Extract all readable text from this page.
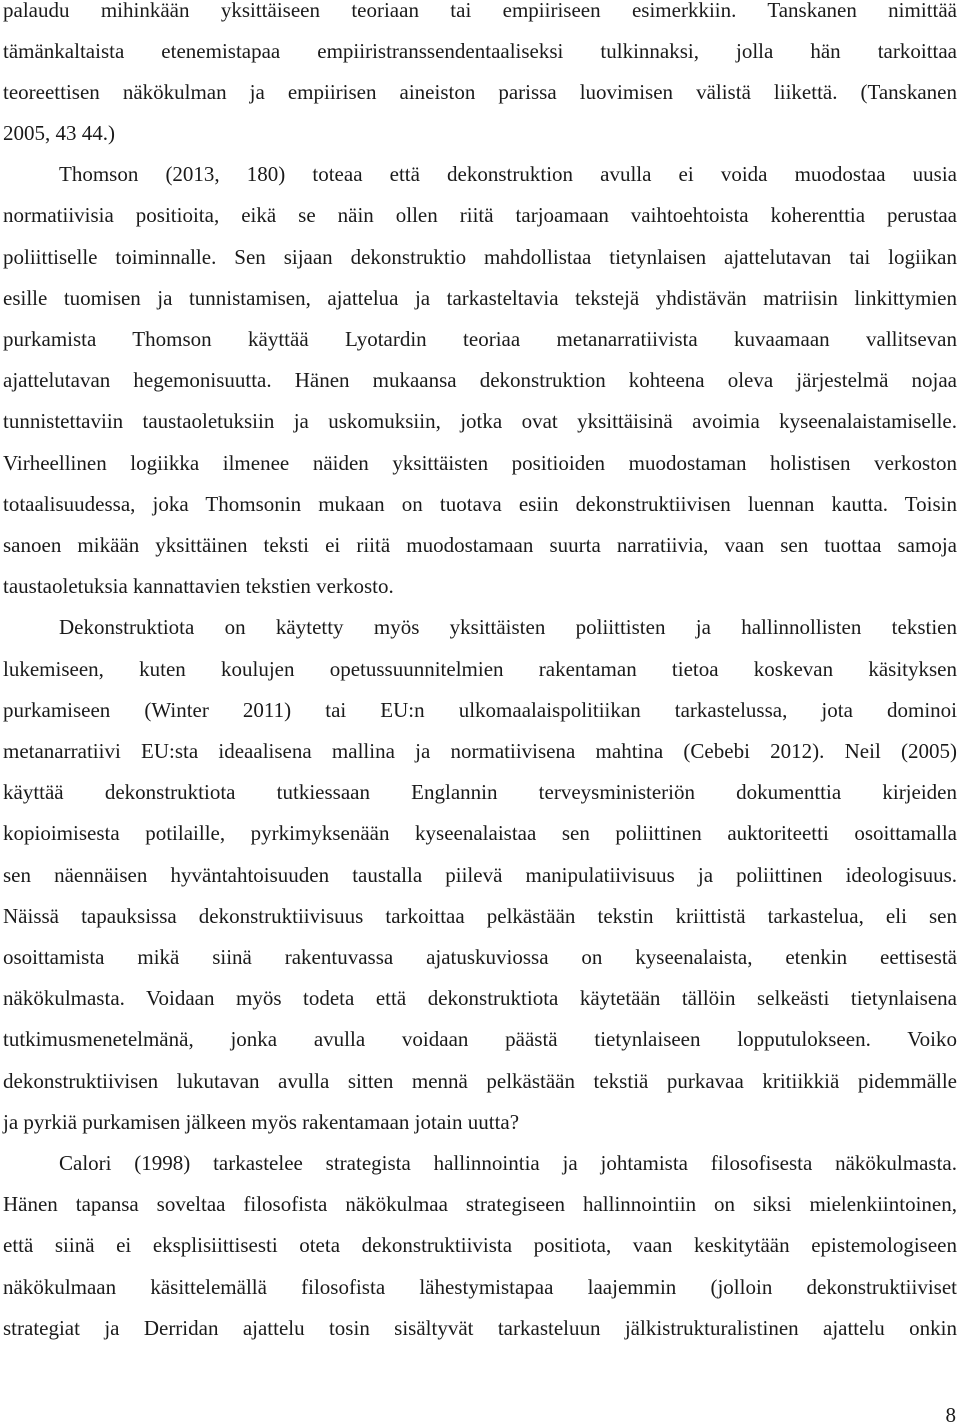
palaudu mihinkään yksittäiseen teoriaan tai empiiriseen esimerkkiin. Tanskanen nimittää
tämänkaltaista etenemistapaa empiiristranssendentaaliseksi tulkinnaksi, jolla hän tarkoittaa
teoreettisen näkökulman ja empiirisen aineiston parissa luovimisen välistä liikettä. (Tanskanen
2005, 43 44.)
Thomson (2013, 180) toteaa että dekonstruktion avulla ei voida muodostaa uusia
normatiivisia positioita, eikä se näin ollen riitä tarjoamaan vaihtoehtoista koherenttia perustaa
poliittiselle toiminnalle. Sen sijaan dekonstruktio mahdollistaa tietynlaisen ajattelutavan tai logiikan
esille tuomisen ja tunnistamisen, ajattelua ja tarkasteltavia tekstejä yhdistävän matriisin linkittymien
purkamista Thomson käyttää Lyotardin teoriaa metanarratiivista kuvaamaan vallitsevan
ajattelutavan hegemonisuutta. Hänen mukaansa dekonstruktion kohteena oleva järjestelmä nojaa
tunnistettaviin taustaoletuksiin ja uskomuksiin, jotka ovat yksittäisinä avoimia kyseenalaistamiselle.
Virheellinen logiikka ilmenee näiden yksittäisten positioiden muodostaman holistisen verkoston
totaalisuudessa, joka Thomsonin mukaan on tuotava esiin dekonstruktiivisen luennan kautta. Toisin
sanoen mikään yksittäinen teksti ei riitä muodostamaan suurta narratiivia, vaan sen tuottaa samoja
taustaoletuksia kannattavien tekstien verkosto.
Dekonstruktiota on käytetty myös yksittäisten poliittisten ja hallinnollisten tekstien
lukemiseen, kuten koulujen opetussuunnitelmien rakentaman tietoa koskevan käsityksen
purkamiseen (Winter 2011) tai EU:n ulkomaalaispolitiikan tarkastelussa, jota dominoi
metanarratiivi EU:sta ideaalisena mallina ja normatiivisena mahtina (Cebebi 2012). Neil (2005)
käyttää dekonstruktiota tutkiessaan Englannin terveysministeriön dokumenttia kirjeiden
kopioimisesta potilaille, pyrkimyksenään kyseenalaistaa sen poliittinen auktoriteetti osoittamalla
sen näennäisen hyväntahtoisuuden taustalla piilevä manipulatiivisuus ja poliittinen ideologisuus.
Näissä tapauksissa dekonstruktiivisuus tarkoittaa pelkästään tekstin kriittistä tarkastelua, eli sen
osoittamista mikä siinä rakentuvassa ajatuskuviossa on kyseenalaista, etenkin eettisestä
näkökulmasta. Voidaan myös todeta että dekonstruktiota käytetään tällöin selkeästi tietynlaisena
tutkimusmenetelmänä, jonka avulla voidaan päästä tietynlaiseen lopputulokseen. Voiko
dekonstruktiivisen lukutavan avulla sitten mennä pelkästään tekstiä purkavaa kritiikkiä pidemmälle
ja pyrkiä purkamisen jälkeen myös rakentamaan jotain uutta?
Calori (1998) tarkastelee strategista hallinnointia ja johtamista filosofisesta näkökulmasta.
Hänen tapansa soveltaa filosofista näkökulmaa strategiseen hallinnointiin on siksi mielenkiintoinen,
että siinä ei eksplisiittisesti oteta dekonstruktiivista positiota, vaan keskitytään epistemologiseen
näkökulmaan käsittelemällä filosofista lähestymistapaa laajemmin (jolloin dekonstruktiiviset
strategiat ja Derridan ajattelu tosin sisältyvät tarkasteluun jälkistrukturalistinen ajattelu onkin
8
